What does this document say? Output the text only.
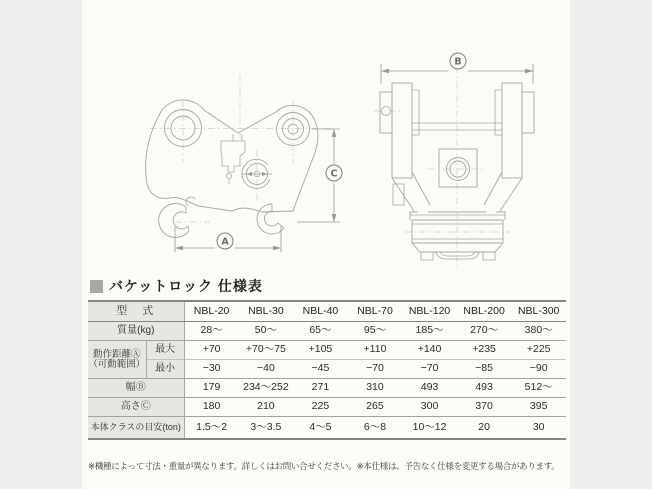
A
C
B
バケットロック 仕様表
型　式		NBL-20	NBL-30	NBL-40	NBL-70	NBL-120	NBL-200	NBL-300
質量(kg)		28〜	50〜	65〜	95〜	185〜	270〜	380〜

動作距離Ⓐ
（可動範囲）	最大	+70	+70〜75	+105	+110	+140	+235	+225
	最小	−30	−40	−45	−70	−70	−85	−90
幅Ⓑ		179	234〜252	271	310	493	493	512〜
高さⒸ		180	210	225	265	300	370	395
本体クラスの目安(ton)		1.5〜2	3〜3.5	4〜5	6〜8	10〜12	20	30
※機種によって寸法・重量が異なります。詳しくはお問い合せください。※本仕様は、予告なく仕様を変更する場合があります。
